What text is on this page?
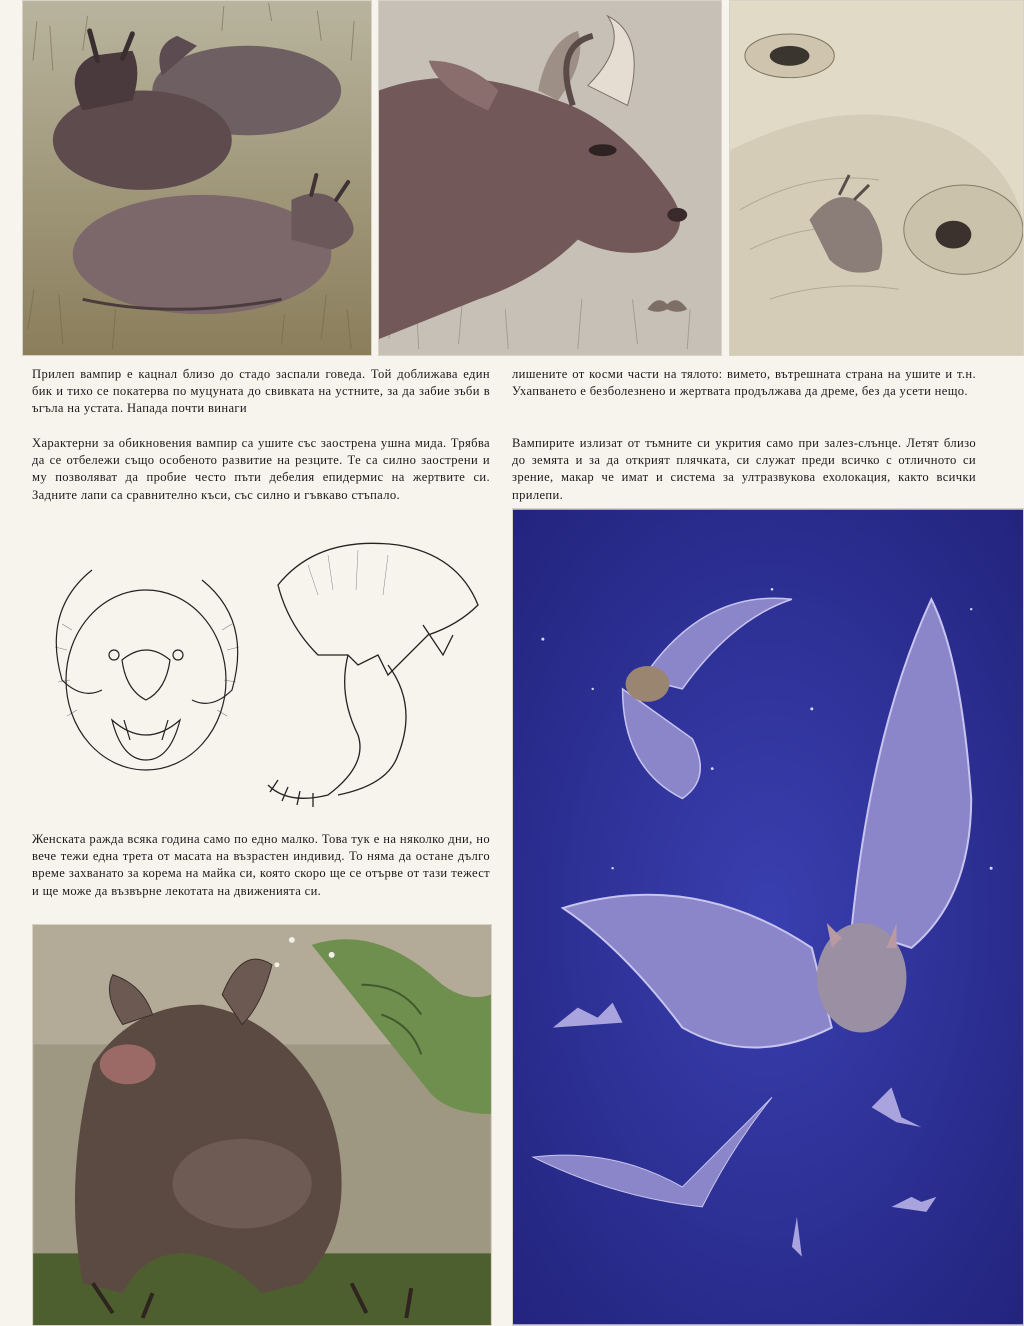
Прилеп вампир е кацнал близо до стадо заспали говеда. Той доближава един бик и тихо се покатерва по муцуната до свивката на устните, за да забие зъби в ъгъла на устата. Напада почти винаги

лишените от косми части на тялото: вимето, вътрешната страна на ушите и т.н. Ухапването е безболезнено и жертвата продължава да дреме, без да усети нещо.

Характерни за обикновения вампир са ушите със заострена ушна мида. Трябва да се отбележи също особеното развитие на резците. Те са силно заострени и му позволяват да пробие често пъти дебелия епидермис на жертвите си. Задните лапи са сравнително къси, със силно и гъвкаво стъпало.

Вампирите излизат от тъмните си укрития само при залез-слънце. Летят близо до земята и за да открият плячката, си служат преди всичко с отличното си зрение, макар че имат и система за ултразвукова ехолокация, както всички прилепи.

Женската ражда всяка година само по едно малко. Това тук е на няколко дни, но вече тежи една трета от масата на възрастен индивид. То няма да остане дълго време захванато за корема на майка си, която скоро ще се отърве от тази тежест и ще може да възвърне лекотата на движенията си.
